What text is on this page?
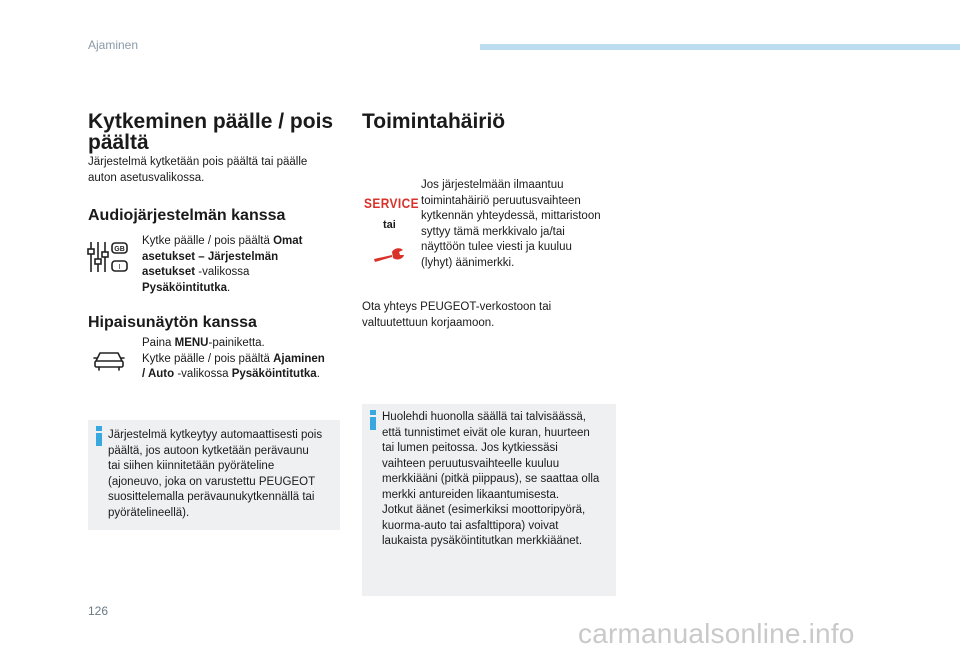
Ajaminen
Kytkeminen päälle / pois
päältä
Järjestelmä kytketään pois päältä tai päälle
auton asetusvalikossa.
Audiojärjestelmän kanssa
GB
I
Kytke päälle / pois päältä Omat
asetukset – Järjestelmän
asetukset -valikossa
Pysäköintitutka.
Hipaisunäytön kanssa
Paina MENU-painiketta.
Kytke päälle / pois päältä Ajaminen
/ Auto -valikossa Pysäköintitutka.
Järjestelmä kytkeytyy automaattisesti pois
päältä, jos autoon kytketään perävaunu
tai siihen kiinnitetään pyöräteline
(ajoneuvo, joka on varustettu PEUGEOT
suosittelemalla perävaunukytkennällä tai
pyörätelineellä).
Toimintahäiriö
SERVICE
tai
Jos järjestelmään ilmaantuu
toimintahäiriö peruutusvaihteen
kytkennän yhteydessä, mittaristoon
syttyy tämä merkkivalo ja/tai
näyttöön tulee viesti ja kuuluu
(lyhyt) äänimerkki.
Ota yhteys PEUGEOT-verkostoon tai
valtuutettuun korjaamoon.
Huolehdi huonolla säällä tai talvisäässä,
että tunnistimet eivät ole kuran, huurteen
tai lumen peitossa. Jos kytkiessäsi
vaihteen peruutusvaihteelle kuuluu
merkkiääni (pitkä piippaus), se saattaa olla
merkki antureiden likaantumisesta.
Jotkut äänet (esimerkiksi moottoripyörä,
kuorma-auto tai asfalttipora) voivat
laukaista pysäköintitutkan merkkiäänet.
126
carmanualsonline.info
